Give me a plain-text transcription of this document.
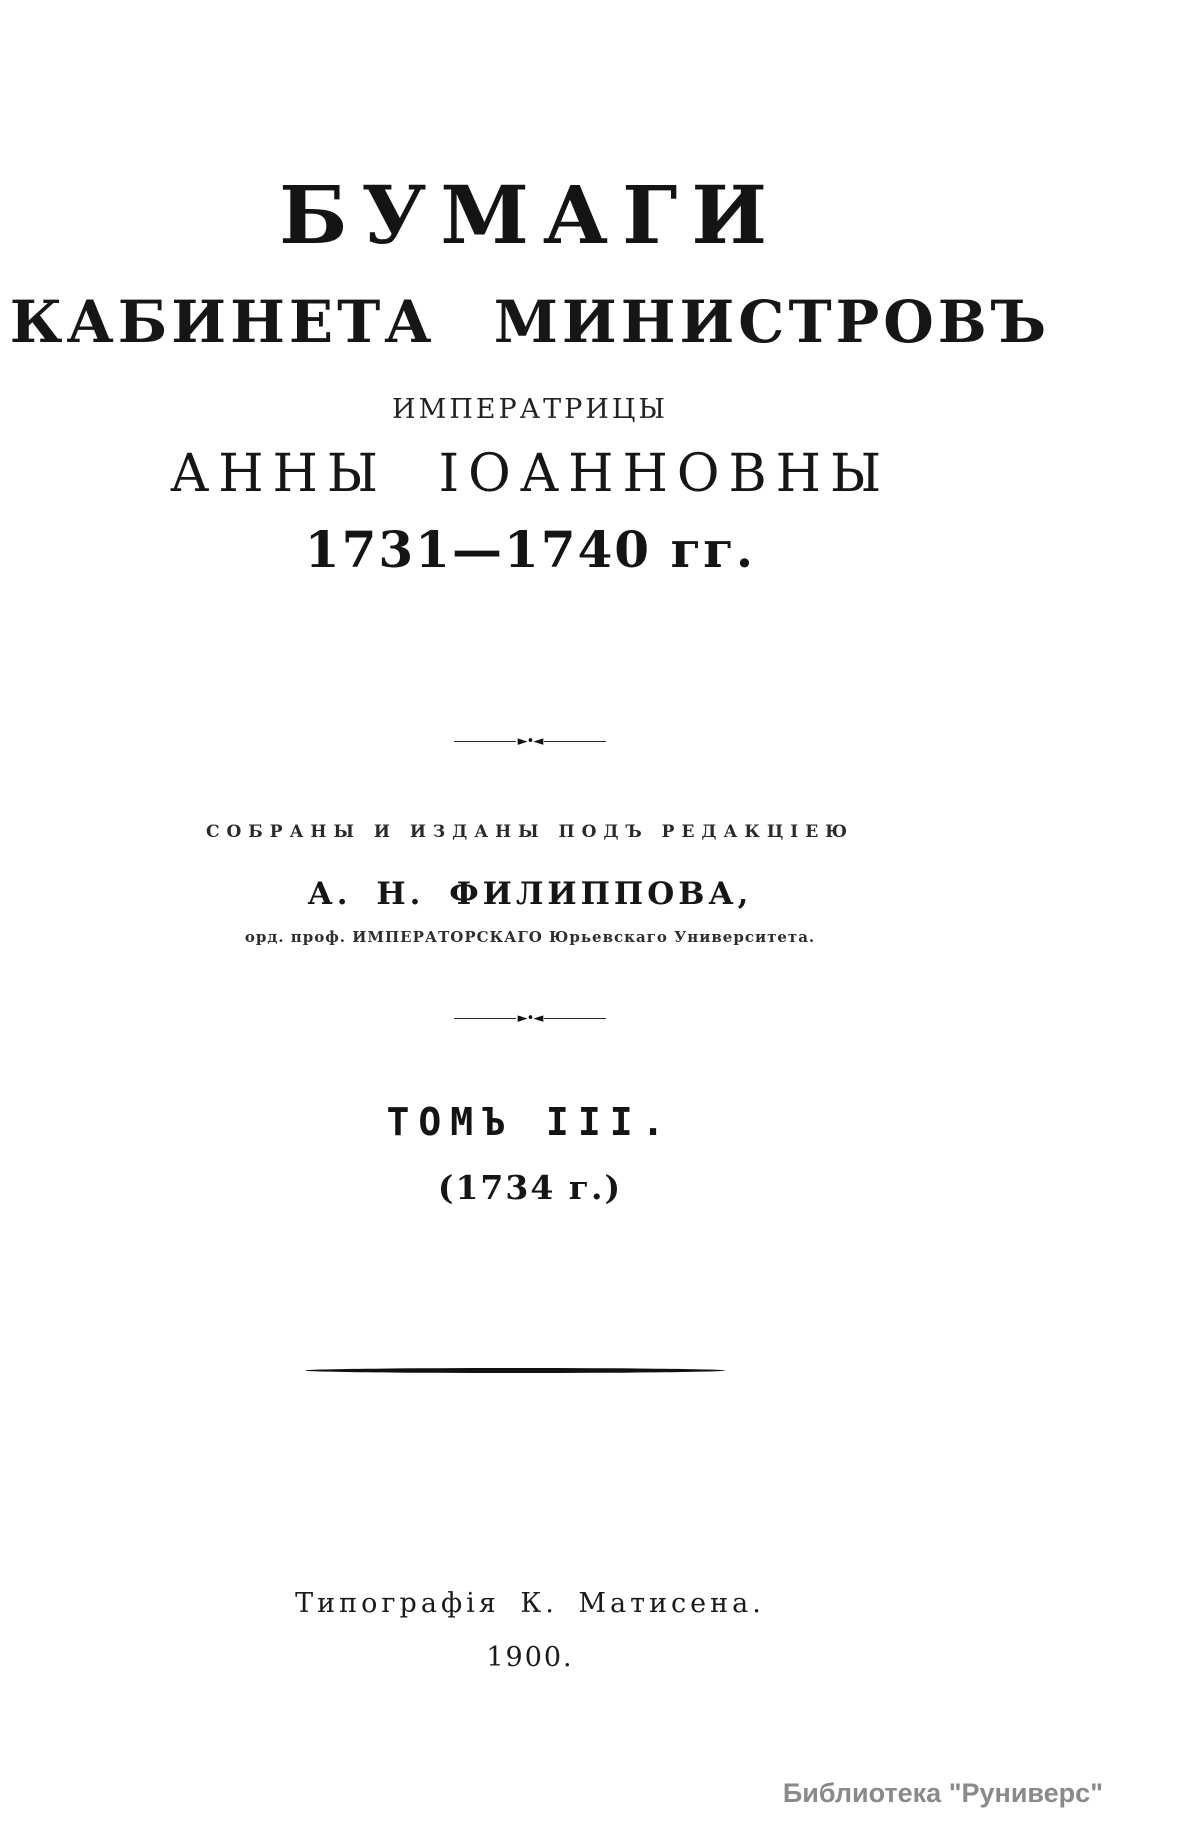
БУМАГИ
КАБИНЕТА МИНИСТРОВЪ
ИМПЕРАТРИЦЫ
АННЫ ІОАННОВНЫ
1731—1740 гг.
►•◄
СОБРАНЫ И ИЗДАНЫ ПОДЪ РЕДАКЦІЕЮ
А. Н. ФИЛИППОВА,
орд. проф. ИМПЕРАТОРСКАГО Юрьевскаго Университета.
►•◄
ТОМЪ III.
(1734 г.)
Типографія К. Матисена.
1900.
Библиотека "Руниверс"
